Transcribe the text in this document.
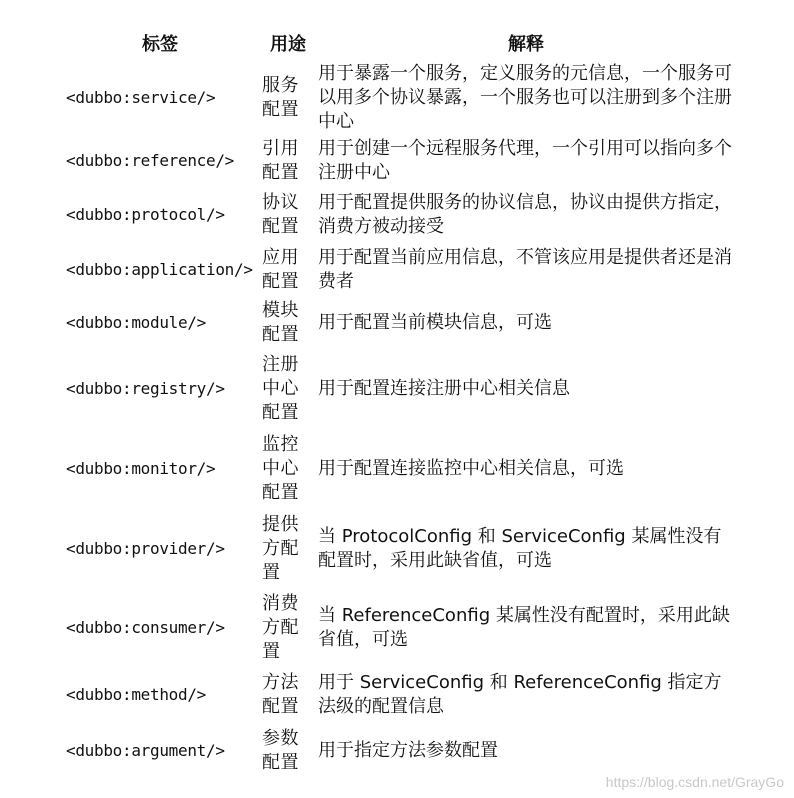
标签	用途	解释
<dubbo:service/>	服务配置	用于暴露一个服务，定义服务的元信息，一个服务可以用多个协议暴露，一个服务也可以注册到多个注册中心
<dubbo:reference/>	引用配置	用于创建一个远程服务代理，一个引用可以指向多个注册中心
<dubbo:protocol/>	协议配置	用于配置提供服务的协议信息，协议由提供方指定，消费方被动接受
<dubbo:application/>	应用配置	用于配置当前应用信息，不管该应用是提供者还是消费者
<dubbo:module/>	模块配置	用于配置当前模块信息，可选
<dubbo:registry/>	注册中心配置	用于配置连接注册中心相关信息
<dubbo:monitor/>	监控中心配置	用于配置连接监控中心相关信息，可选
<dubbo:provider/>	提供方配置	当 ProtocolConfig 和 ServiceConfig 某属性没有配置时，采用此缺省值，可选
<dubbo:consumer/>	消费方配置	当 ReferenceConfig 某属性没有配置时，采用此缺省值，可选
<dubbo:method/>	方法配置	用于 ServiceConfig 和 ReferenceConfig 指定方法级的配置信息
<dubbo:argument/>	参数配置	用于指定方法参数配置
https://blog.csdn.net/GrayGo
